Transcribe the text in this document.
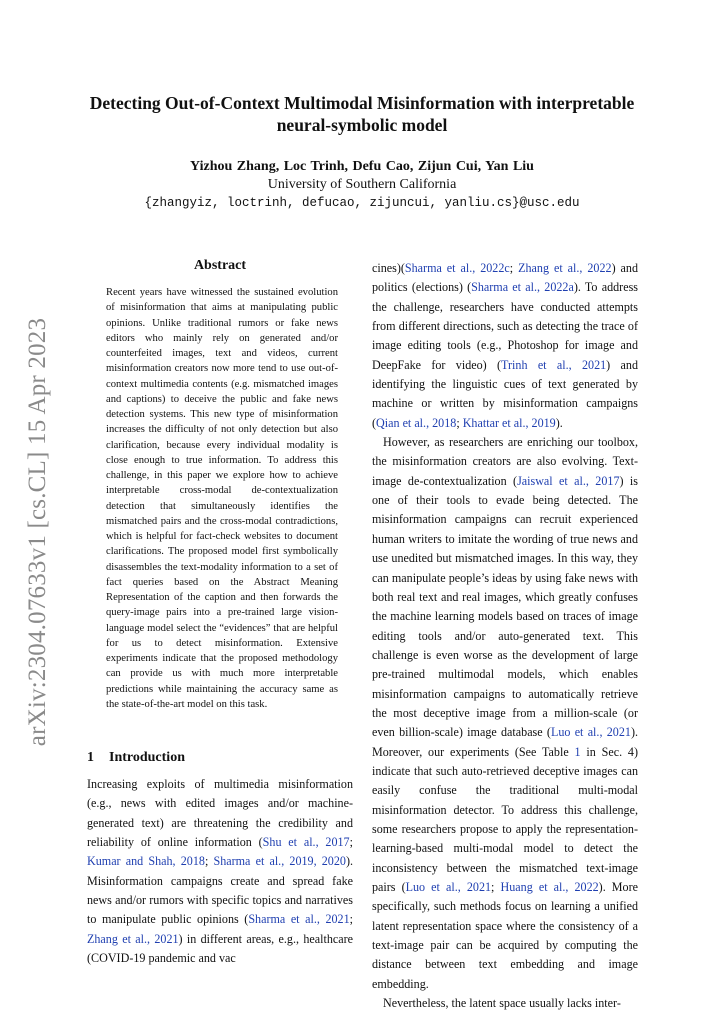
arXiv:2304.07633v1 [cs.CL] 15 Apr 2023
Detecting Out-of-Context Multimodal Misinformation with interpretable neural-symbolic model
Yizhou Zhang, Loc Trinh, Defu Cao, Zijun Cui, Yan Liu
University of Southern California
{zhangyiz, loctrinh, defucao, zijuncui, yanliu.cs}@usc.edu
Abstract

Recent years have witnessed the sustained evolution of misinformation that aims at manipulating public opinions. Unlike traditional rumors or fake news editors who mainly rely on generated and/or counterfeited images, text and videos, current misinformation creators now more tend to use out-of-context multimedia contents (e.g. mismatched images and captions) to deceive the public and fake news detection systems. This new type of misinformation increases the difficulty of not only detection but also clarification, because every individual modality is close enough to true information. To address this challenge, in this paper we explore how to achieve interpretable cross-modal de-contextualization detection that simultaneously identifies the mismatched pairs and the cross-modal contradictions, which is helpful for fact-check websites to document clarifications. The proposed model first symbolically disassembles the text-modality information to a set of fact queries based on the Abstract Meaning Representation of the caption and then forwards the query-image pairs into a pre-trained large vision-language model select the “evidences” that are helpful for us to detect misinformation. Extensive experiments indicate that the proposed methodology can provide us with much more interpretable predictions while maintaining the accuracy same as the state-of-the-art model on this task.

1 Introduction

Increasing exploits of multimedia misinformation (e.g., news with edited images and/or machine-generated text) are threatening the credibility and reliability of online information (Shu et al., 2017; Kumar and Shah, 2018; Sharma et al., 2019, 2020). Misinformation campaigns create and spread fake news and/or rumors with specific topics and narratives to manipulate public opinions (Sharma et al., 2021; Zhang et al., 2021) in different areas, e.g., healthcare (COVID-19 pandemic and vac

cines)(Sharma et al., 2022c; Zhang et al., 2022) and politics (elections) (Sharma et al., 2022a). To address the challenge, researchers have conducted attempts from different directions, such as detecting the trace of image editing tools (e.g., Photoshop for image and DeepFake for video) (Trinh et al., 2021) and identifying the linguistic cues of text generated by machine or written by misinformation campaigns (Qian et al., 2018; Khattar et al., 2019).

However, as researchers are enriching our toolbox, the misinformation creators are also evolving. Text-image de-contextualization (Jaiswal et al., 2017) is one of their tools to evade being detected. The misinformation campaigns can recruit experienced human writers to imitate the wording of true news and use unedited but mismatched images. In this way, they can manipulate people’s ideas by using fake news with both real text and real images, which greatly confuses the machine learning models based on traces of image editing tools and/or auto-generated text. This challenge is even worse as the development of large pre-trained multimodal models, which enables misinformation campaigns to automatically retrieve the most deceptive image from a million-scale (or even billion-scale) image database (Luo et al., 2021). Moreover, our experiments (See Table 1 in Sec. 4) indicate that such auto-retrieved deceptive images can easily confuse the traditional multi-modal misinformation detector. To address this challenge, some researchers propose to apply the representation-learning-based multi-modal model to detect the inconsistency between the mismatched text-image pairs (Luo et al., 2021; Huang et al., 2022). More specifically, such methods focus on learning a unified latent representation space where the consistency of a text-image pair can be acquired by computing the distance between text embedding and image embedding.

Nevertheless, the latent space usually lacks inter-
